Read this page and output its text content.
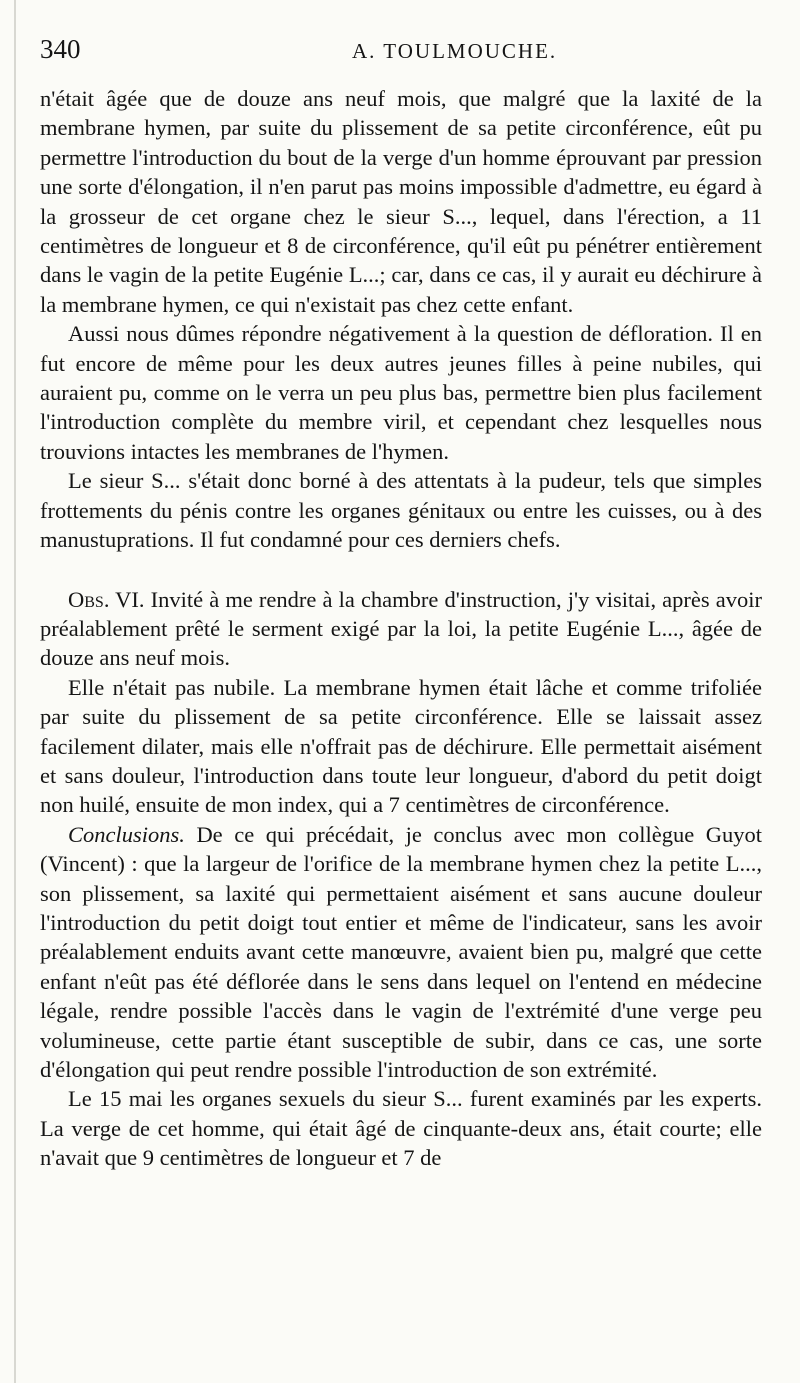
340	A. TOULMOUCHE.

n'était âgée que de douze ans neuf mois, que malgré que la laxité de la membrane hymen, par suite du plissement de sa petite circonférence, eût pu permettre l'introduction du bout de la verge d'un homme éprouvant par pression une sorte d'élongation, il n'en parut pas moins impossible d'admettre, eu égard à la grosseur de cet organe chez le sieur S..., lequel, dans l'érection, a 11 centimètres de longueur et 8 de circonférence, qu'il eût pu pénétrer entièrement dans le vagin de la petite Eugénie L...; car, dans ce cas, il y aurait eu déchirure à la membrane hymen, ce qui n'existait pas chez cette enfant.

Aussi nous dûmes répondre négativement à la question de défloration. Il en fut encore de même pour les deux autres jeunes filles à peine nubiles, qui auraient pu, comme on le verra un peu plus bas, permettre bien plus facilement l'introduction complète du membre viril, et cependant chez lesquelles nous trouvions intactes les membranes de l'hymen.

Le sieur S... s'était donc borné à des attentats à la pudeur, tels que simples frottements du pénis contre les organes génitaux ou entre les cuisses, ou à des manustuprations. Il fut condamné pour ces derniers chefs.

Obs. VI. Invité à me rendre à la chambre d'instruction, j'y visitai, après avoir préalablement prêté le serment exigé par la loi, la petite Eugénie L..., âgée de douze ans neuf mois.

Elle n'était pas nubile. La membrane hymen était lâche et comme trifoliée par suite du plissement de sa petite circonférence. Elle se laissait assez facilement dilater, mais elle n'offrait pas de déchirure. Elle permettait aisément et sans douleur, l'introduction dans toute leur longueur, d'abord du petit doigt non huilé, ensuite de mon index, qui a 7 centimètres de circonférence.

Conclusions. De ce qui précédait, je conclus avec mon collègue Guyot (Vincent) : que la largeur de l'orifice de la membrane hymen chez la petite L..., son plissement, sa laxité qui permettaient aisément et sans aucune douleur l'introduction du petit doigt tout entier et même de l'indicateur, sans les avoir préalablement enduits avant cette manœuvre, avaient bien pu, malgré que cette enfant n'eût pas été déflorée dans le sens dans lequel on l'entend en médecine légale, rendre possible l'accès dans le vagin de l'extrémité d'une verge peu volumineuse, cette partie étant susceptible de subir, dans ce cas, une sorte d'élongation qui peut rendre possible l'introduction de son extrémité.

Le 15 mai les organes sexuels du sieur S... furent examinés par les experts. La verge de cet homme, qui était âgé de cinquante-deux ans, était courte; elle n'avait que 9 centimètres de longueur et 7 de
